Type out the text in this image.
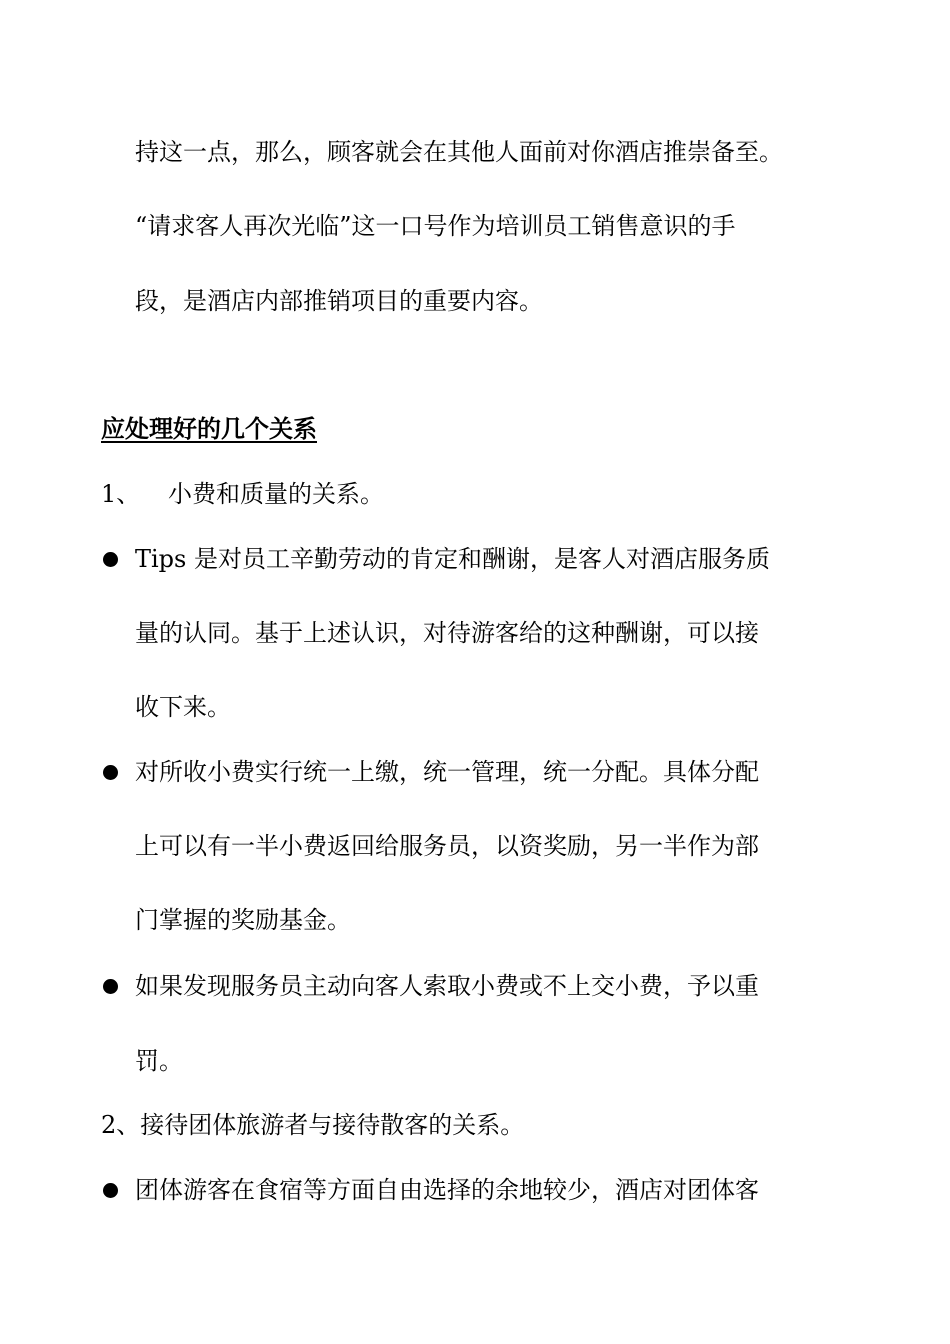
持这一点，那么，顾客就会在其他人面前对你酒店推崇备至。
“请求客人再次光临”这一口号作为培训员工销售意识的手
段，是酒店内部推销项目的重要内容。
应处理好的几个关系
1、 小费和质量的关系。
Tips 是对员工辛勤劳动的肯定和酬谢，是客人对酒店服务质
量的认同。基于上述认识，对待游客给的这种酬谢，可以接
收下来。
对所收小费实行统一上缴，统一管理，统一分配。具体分配
上可以有一半小费返回给服务员，以资奖励，另一半作为部
门掌握的奖励基金。
如果发现服务员主动向客人索取小费或不上交小费，予以重
罚。
2、接待团体旅游者与接待散客的关系。
团体游客在食宿等方面自由选择的余地较少，酒店对团体客
